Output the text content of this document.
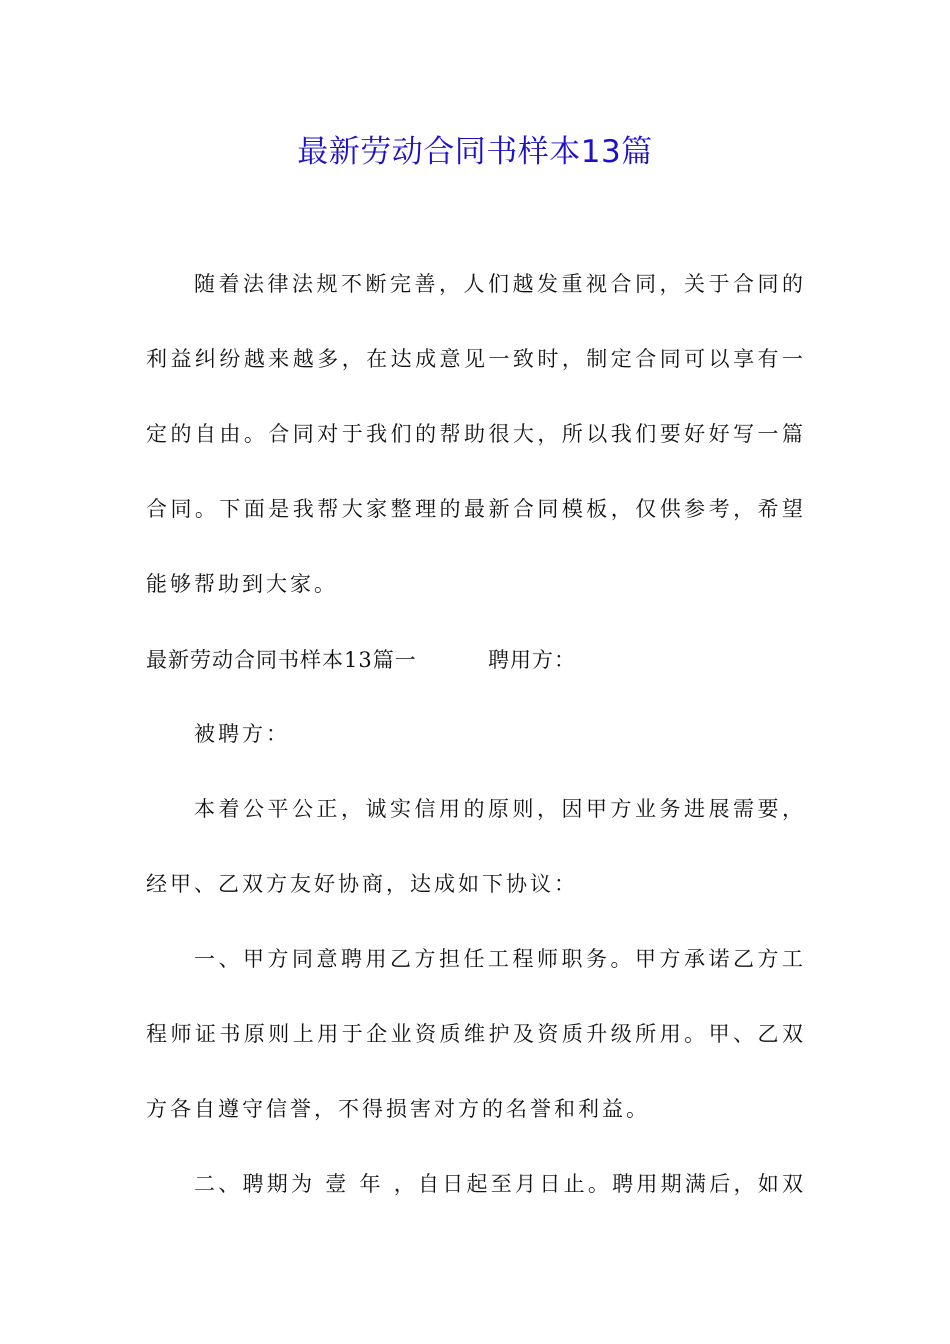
最新劳动合同书样本13篇
随着法律法规不断完善，人们越发重视合同，关于合同的
利益纠纷越来越多，在达成意见一致时，制定合同可以享有一
定的自由。合同对于我们的帮助很大，所以我们要好好写一篇
合同。下面是我帮大家整理的最新合同模板，仅供参考，希望
能够帮助到大家。
最新劳动合同书样本13篇一	聘用方：
被聘方：
本着公平公正，诚实信用的原则，因甲方业务进展需要，
经甲、乙双方友好协商，达成如下协议：
一、甲方同意聘用乙方担任工程师职务。甲方承诺乙方工
程师证书原则上用于企业资质维护及资质升级所用。甲、乙双
方各自遵守信誉，不得损害对方的名誉和利益。
二、聘期为 壹 年 ，自日起至月日止。聘用期满后，如双
